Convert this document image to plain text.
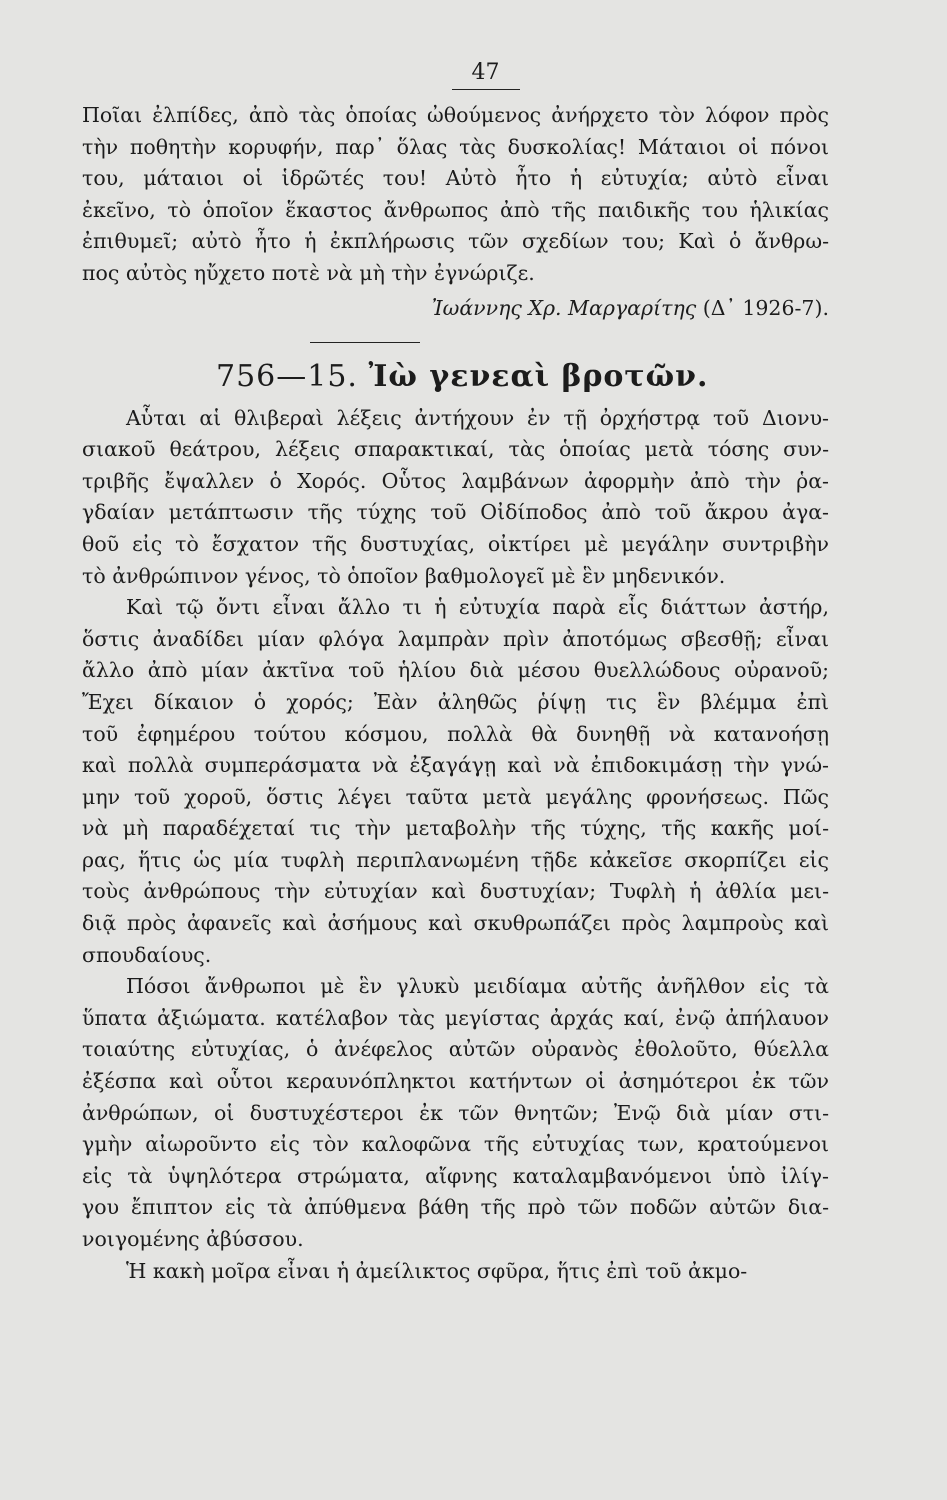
47
Ποῖαι ἐλπίδες, ἀπὸ τὰς ὁποίας ὠθούμενος ἀνήρχετο τὸν λόφον πρὸς
τὴν ποθητὴν κορυφήν, παρ᾽ ὅλας τὰς δυσκολίας! Μάταιοι οἱ πόνοι
του, μάταιοι οἱ ἱδρῶτές του! Αὐτὸ ἦτο ἡ εὐτυχία; αὐτὸ εἶναι
ἐκεῖνο, τὸ ὁποῖον ἕκαστος ἄνθρωπος ἀπὸ τῆς παιδικῆς του ἡλικίας
ἐπιθυμεῖ; αὐτὸ ἦτο ἡ ἐκπλήρωσις τῶν σχεδίων του; Καὶ ὁ ἄνθρω-
πος αὐτὸς ηὔχετο ποτὲ νὰ μὴ τὴν ἐγνώριζε.
Ἰωάννης Χρ. Μαργαρίτης (Δ᾽ 1926-7).
756—15. Ἰὼ γενεαὶ βροτῶν.
Αὗται αἱ θλιβεραὶ λέξεις ἀντήχουν ἐν τῇ ὀρχήστρᾳ τοῦ Διονυ-
σιακοῦ θεάτρου, λέξεις σπαρακτικαί, τὰς ὁποίας μετὰ τόσης συν-
τριβῆς ἔψαλλεν ὁ Χορός. Οὗτος λαμβάνων ἀφορμὴν ἀπὸ τὴν ῥα-
γδαίαν μετάπτωσιν τῆς τύχης τοῦ Οἰδίποδος ἀπὸ τοῦ ἄκρου ἀγα-
θοῦ εἰς τὸ ἔσχατον τῆς δυστυχίας, οἰκτίρει μὲ μεγάλην συντριβὴν
τὸ ἀνθρώπινον γένος, τὸ ὁποῖον βαθμολογεῖ μὲ ἓν μηδενικόν.
Καὶ τῷ ὄντι εἶναι ἄλλο τι ἡ εὐτυχία παρὰ εἷς διάττων ἀστήρ,
ὅστις ἀναδίδει μίαν φλόγα λαμπρὰν πρὶν ἀποτόμως σβεσθῇ; εἶναι
ἄλλο ἀπὸ μίαν ἀκτῖνα τοῦ ἡλίου διὰ μέσου θυελλώδους οὐρανοῦ;
Ἔχει δίκαιον ὁ χορός; Ἐὰν ἀληθῶς ῥίψῃ τις ἓν βλέμμα ἐπὶ
τοῦ ἐφημέρου τούτου κόσμου, πολλὰ θὰ δυνηθῇ νὰ κατανοήσῃ
καὶ πολλὰ συμπεράσματα νὰ ἐξαγάγῃ καὶ νὰ ἐπιδοκιμάσῃ τὴν γνώ-
μην τοῦ χοροῦ, ὅστις λέγει ταῦτα μετὰ μεγάλης φρονήσεως. Πῶς
νὰ μὴ παραδέχεταί τις τὴν μεταβολὴν τῆς τύχης, τῆς κακῆς μοί-
ρας, ἥτις ὡς μία τυφλὴ περιπλανωμένη τῇδε κἀκεῖσε σκορπίζει εἰς
τοὺς ἀνθρώπους τὴν εὐτυχίαν καὶ δυστυχίαν; Τυφλὴ ἡ ἀθλία μει-
διᾷ πρὸς ἀφανεῖς καὶ ἀσήμους καὶ σκυθρωπάζει πρὸς λαμπροὺς καὶ
σπουδαίους.
Πόσοι ἄνθρωποι μὲ ἓν γλυκὺ μειδίαμα αὐτῆς ἀνῆλθον εἰς τὰ
ὕπατα ἀξιώματα. κατέλαβον τὰς μεγίστας ἀρχάς καί, ἐνῷ ἀπήλαυον
τοιαύτης εὐτυχίας, ὁ ἀνέφελος αὐτῶν οὐρανὸς ἐθολοῦτο, θύελλα
ἐξέσπα καὶ οὗτοι κεραυνόπληκτοι κατήντων οἱ ἀσημότεροι ἐκ τῶν
ἀνθρώπων, οἱ δυστυχέστεροι ἐκ τῶν θνητῶν; Ἐνῷ διὰ μίαν στι-
γμὴν αἰωροῦντο εἰς τὸν καλοφῶνα τῆς εὐτυχίας των, κρατούμενοι
εἰς τὰ ὑψηλότερα στρώματα, αἴφνης καταλαμβανόμενοι ὑπὸ ἰλίγ-
γου ἔπιπτον εἰς τὰ ἀπύθμενα βάθη τῆς πρὸ τῶν ποδῶν αὐτῶν δια-
νοιγομένης ἀβύσσου.
Ἡ κακὴ μοῖρα εἶναι ἡ ἀμείλικτος σφῦρα, ἥτις ἐπὶ τοῦ ἀκμο-
